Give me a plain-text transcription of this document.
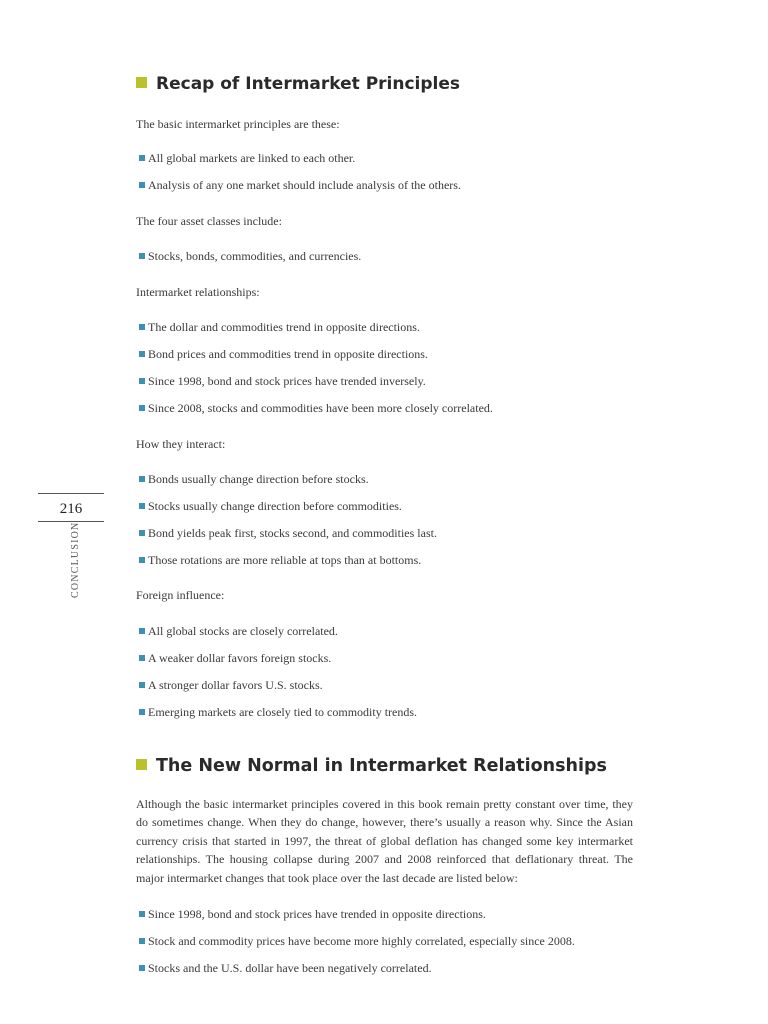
216
CONCLUSION
Recap of Intermarket Principles
The basic intermarket principles are these:
All global markets are linked to each other.
Analysis of any one market should include analysis of the others.
The four asset classes include:
Stocks, bonds, commodities, and currencies.
Intermarket relationships:
The dollar and commodities trend in opposite directions.
Bond prices and commodities trend in opposite directions.
Since 1998, bond and stock prices have trended inversely.
Since 2008, stocks and commodities have been more closely correlated.
How they interact:
Bonds usually change direction before stocks.
Stocks usually change direction before commodities.
Bond yields peak first, stocks second, and commodities last.
Those rotations are more reliable at tops than at bottoms.
Foreign influence:
All global stocks are closely correlated.
A weaker dollar favors foreign stocks.
A stronger dollar favors U.S. stocks.
Emerging markets are closely tied to commodity trends.
The New Normal in Intermarket Relationships
Although the basic intermarket principles covered in this book remain pretty constant over time, they do sometimes change. When they do change, however, there’s usually a reason why. Since the Asian currency crisis that started in 1997, the threat of global deflation has changed some key intermarket relationships. The housing collapse during 2007 and 2008 reinforced that deflationary threat. The major intermarket changes that took place over the last decade are listed below:
Since 1998, bond and stock prices have trended in opposite directions.
Stock and commodity prices have become more highly correlated, especially since 2008.
Stocks and the U.S. dollar have been negatively correlated.
